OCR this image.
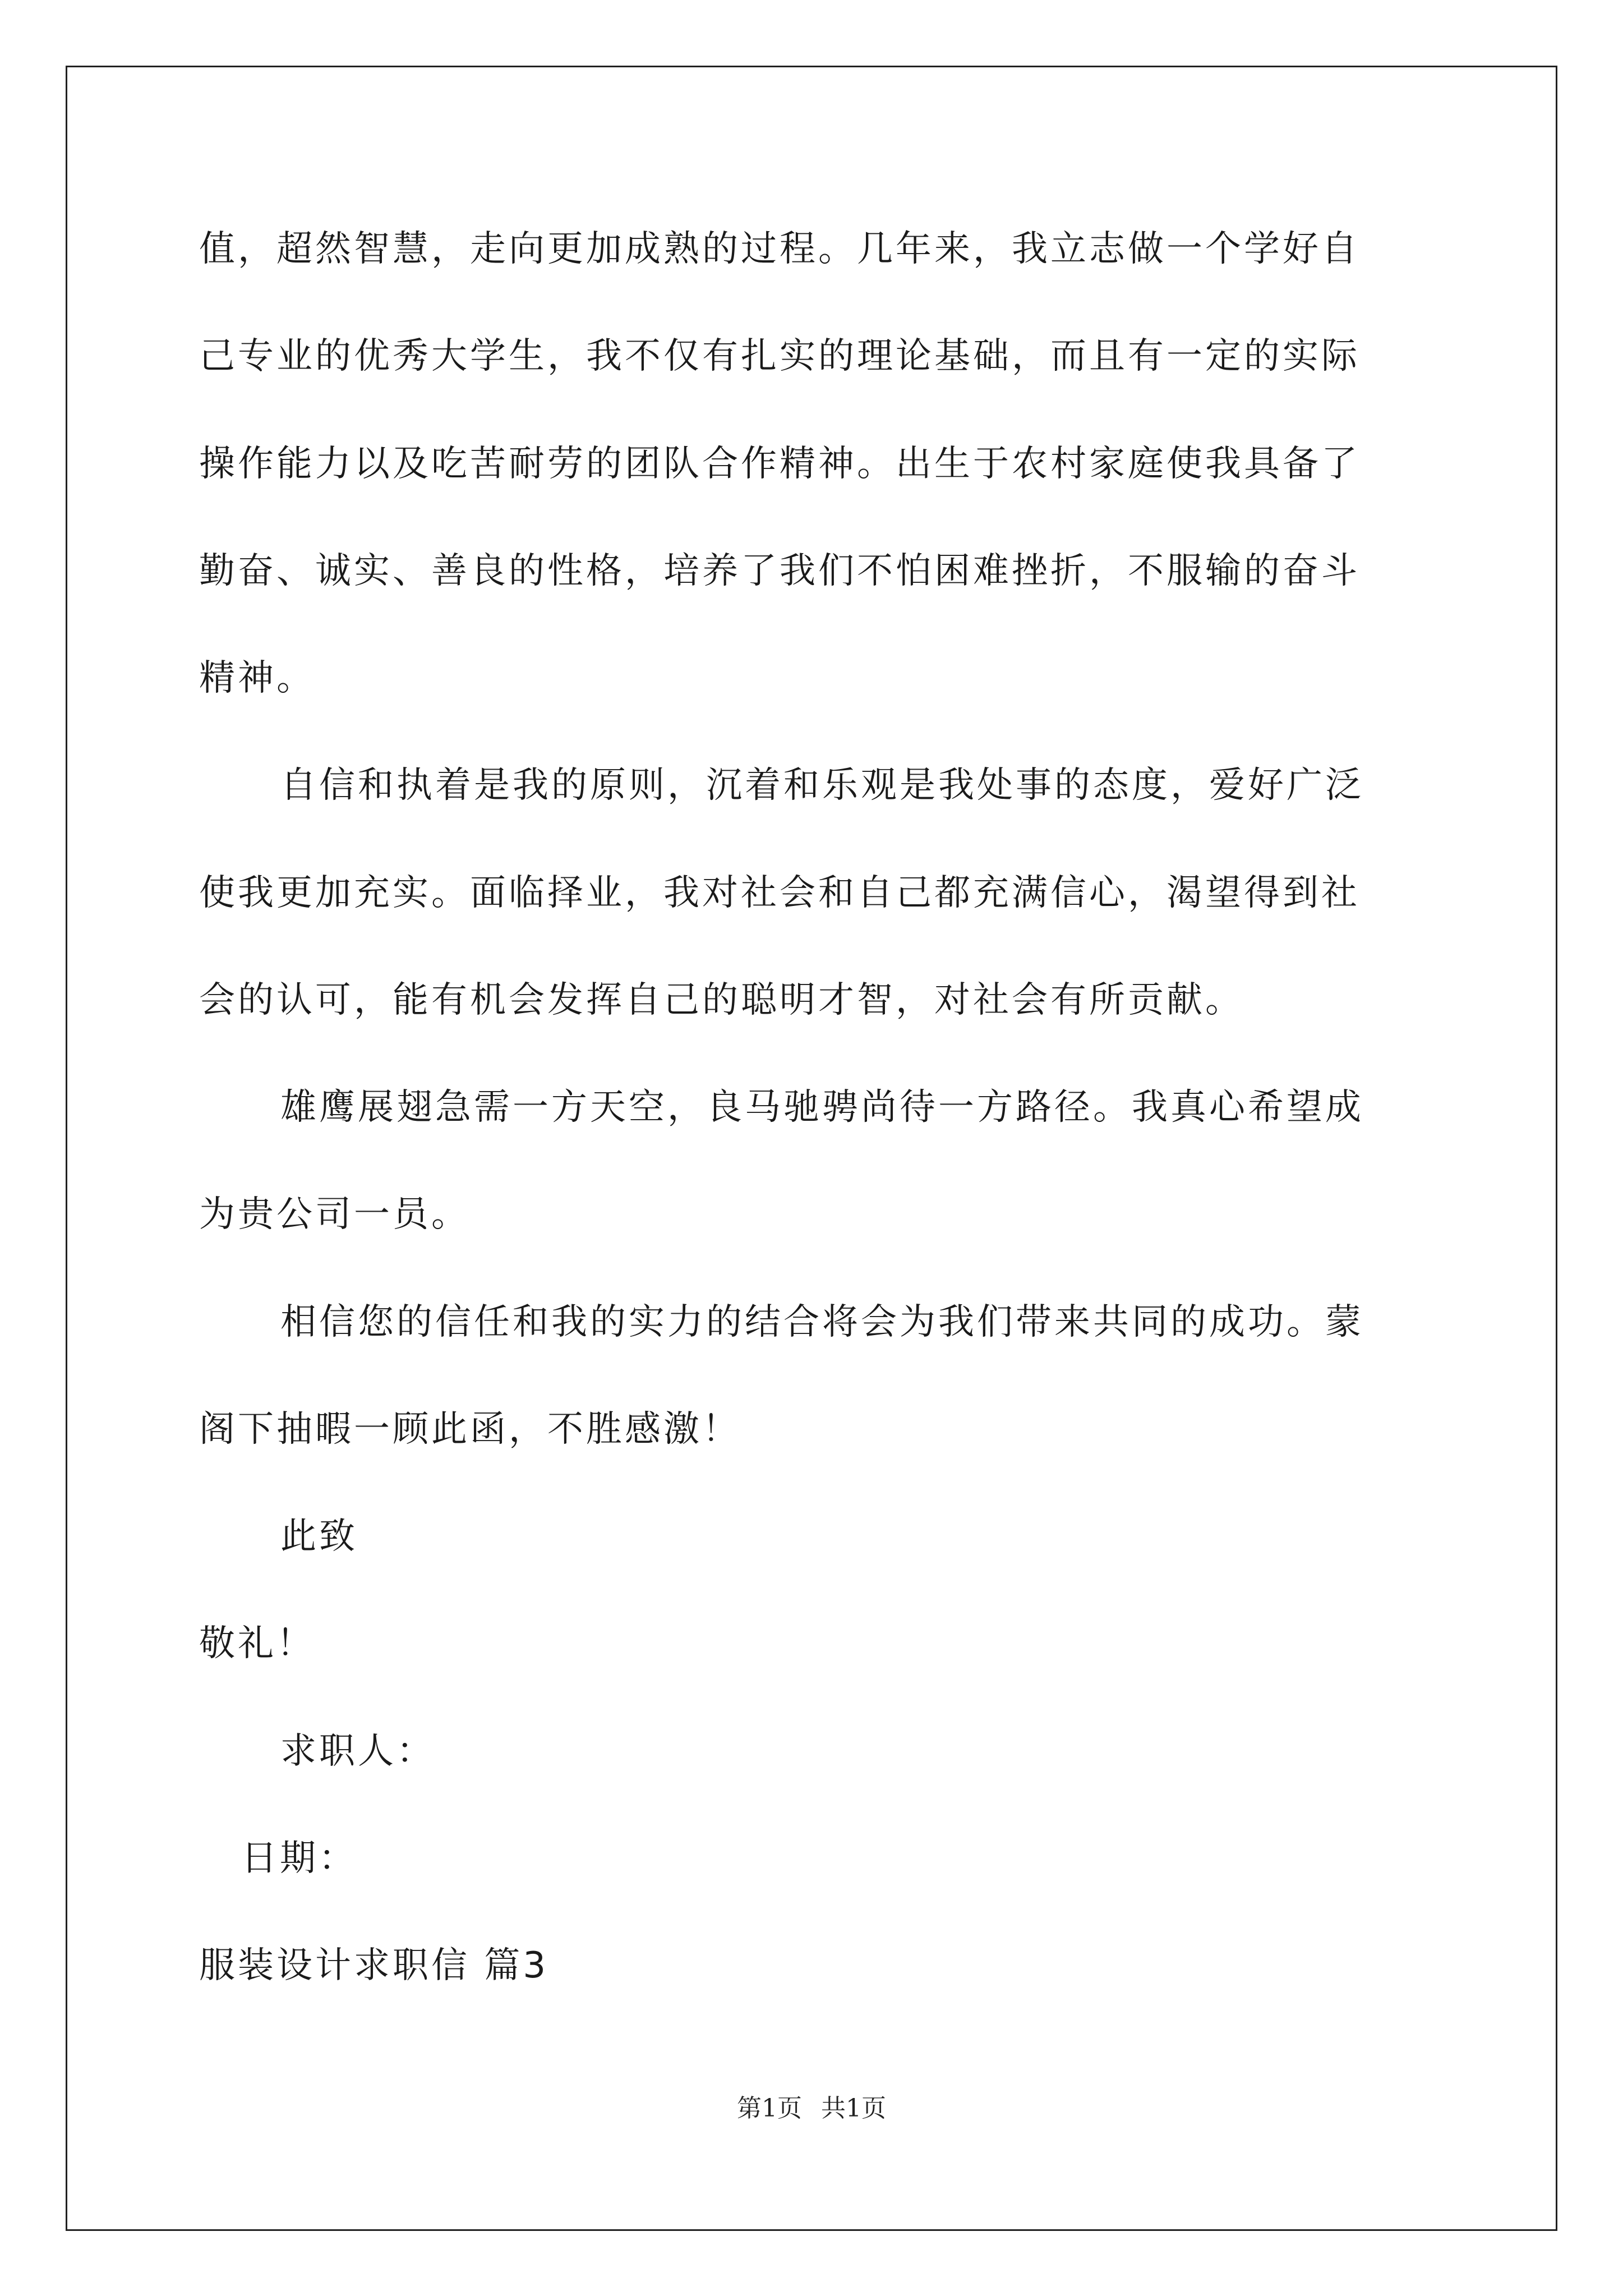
值，超然智慧，走向更加成熟的过程。几年来，我立志做一个学好自
己专业的优秀大学生，我不仅有扎实的理论基础，而且有一定的实际
操作能力以及吃苦耐劳的团队合作精神。出生于农村家庭使我具备了
勤奋、诚实、善良的性格，培养了我们不怕困难挫折，不服输的奋斗
精神。
自信和执着是我的原则，沉着和乐观是我处事的态度，爱好广泛
使我更加充实。面临择业，我对社会和自己都充满信心，渴望得到社
会的认可，能有机会发挥自己的聪明才智，对社会有所贡献。
雄鹰展翅急需一方天空，良马驰骋尚待一方路径。我真心希望成
为贵公司一员。
相信您的信任和我的实力的结合将会为我们带来共同的成功。蒙
阁下抽暇一顾此函，不胜感激！
此致
敬礼！
求职人：
日期：
服装设计求职信 篇3
第1页 共1页
